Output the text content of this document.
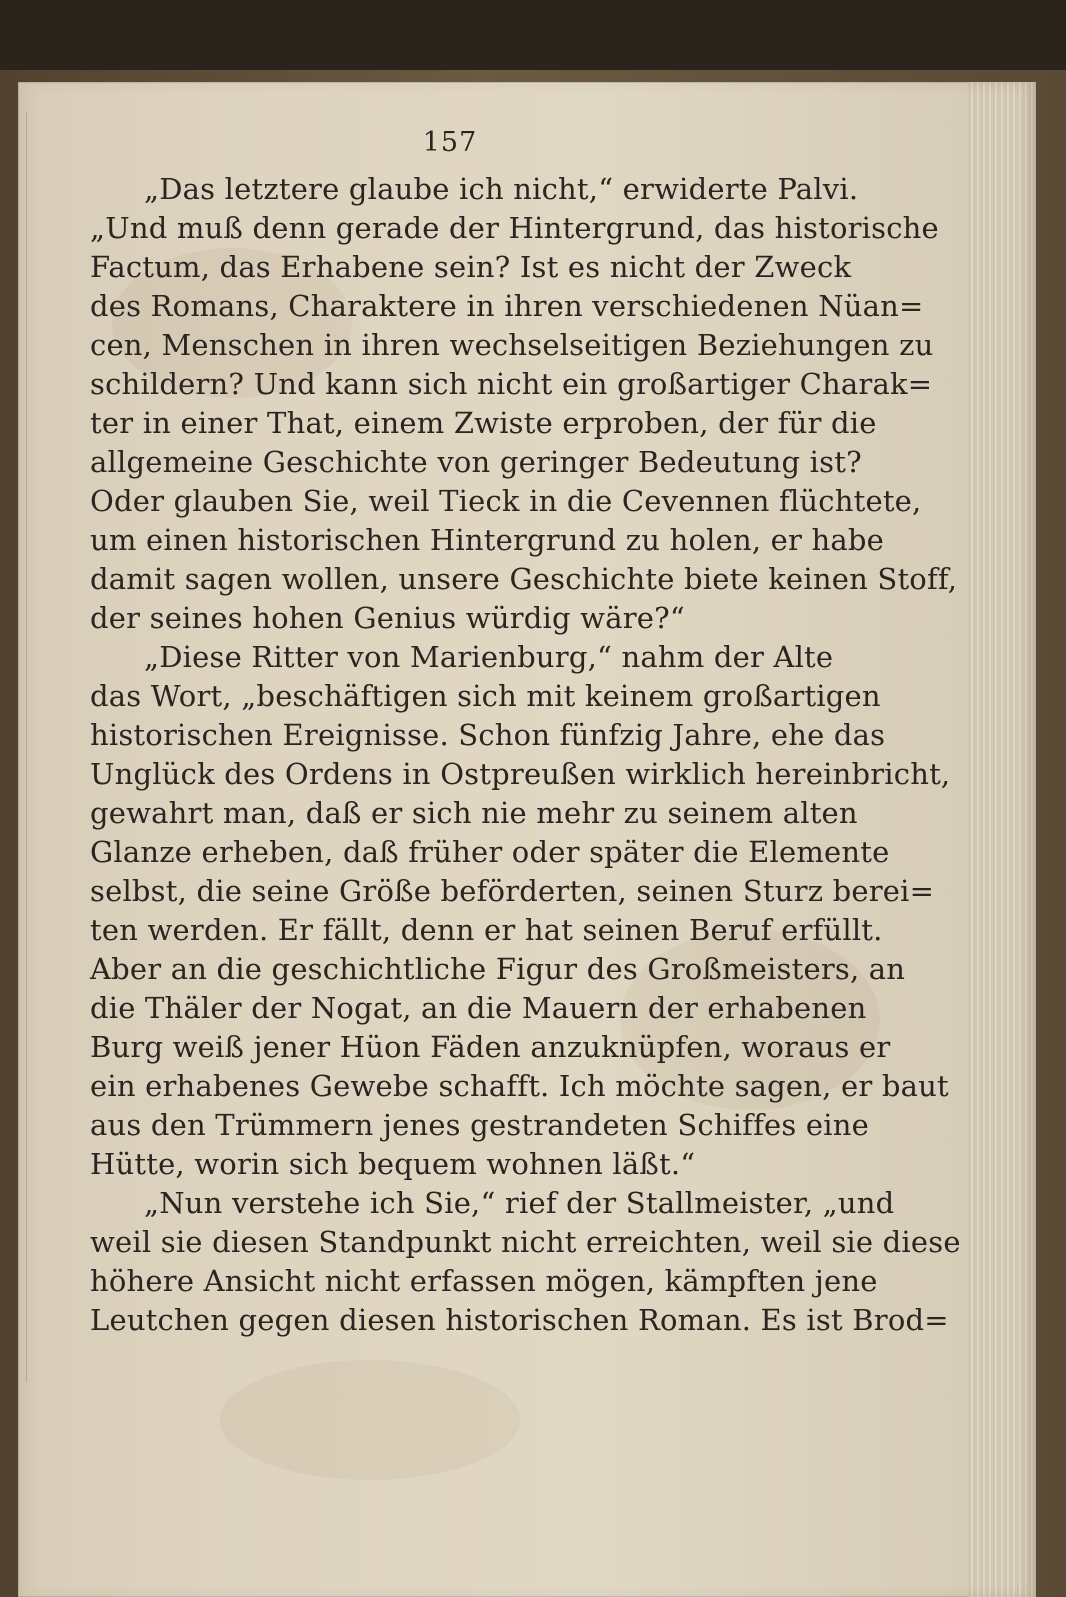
157
„Das letztere glaube ich nicht,“ erwiderte Palvi.
„Und muß denn gerade der Hintergrund, das historische
Factum, das Erhabene sein? Ist es nicht der Zweck
des Romans, Charaktere in ihren verschiedenen Nüan=
cen, Menschen in ihren wechselseitigen Beziehungen zu
schildern? Und kann sich nicht ein großartiger Charak=
ter in einer That, einem Zwiste erproben, der für die
allgemeine Geschichte von geringer Bedeutung ist?
Oder glauben Sie, weil Tieck in die Cevennen flüchtete,
um einen historischen Hintergrund zu holen, er habe
damit sagen wollen, unsere Geschichte biete keinen Stoff,
der seines hohen Genius würdig wäre?“
„Diese Ritter von Marienburg,“ nahm der Alte
das Wort, „beschäftigen sich mit keinem großartigen
historischen Ereignisse. Schon fünfzig Jahre, ehe das
Unglück des Ordens in Ostpreußen wirklich hereinbricht,
gewahrt man, daß er sich nie mehr zu seinem alten
Glanze erheben, daß früher oder später die Elemente
selbst, die seine Größe beförderten, seinen Sturz berei=
ten werden. Er fällt, denn er hat seinen Beruf erfüllt.
Aber an die geschichtliche Figur des Großmeisters, an
die Thäler der Nogat, an die Mauern der erhabenen
Burg weiß jener Hüon Fäden anzuknüpfen, woraus er
ein erhabenes Gewebe schafft. Ich möchte sagen, er baut
aus den Trümmern jenes gestrandeten Schiffes eine
Hütte, worin sich bequem wohnen läßt.“
„Nun verstehe ich Sie,“ rief der Stallmeister, „und
weil sie diesen Standpunkt nicht erreichten, weil sie diese
höhere Ansicht nicht erfassen mögen, kämpften jene
Leutchen gegen diesen historischen Roman. Es ist Brod=
